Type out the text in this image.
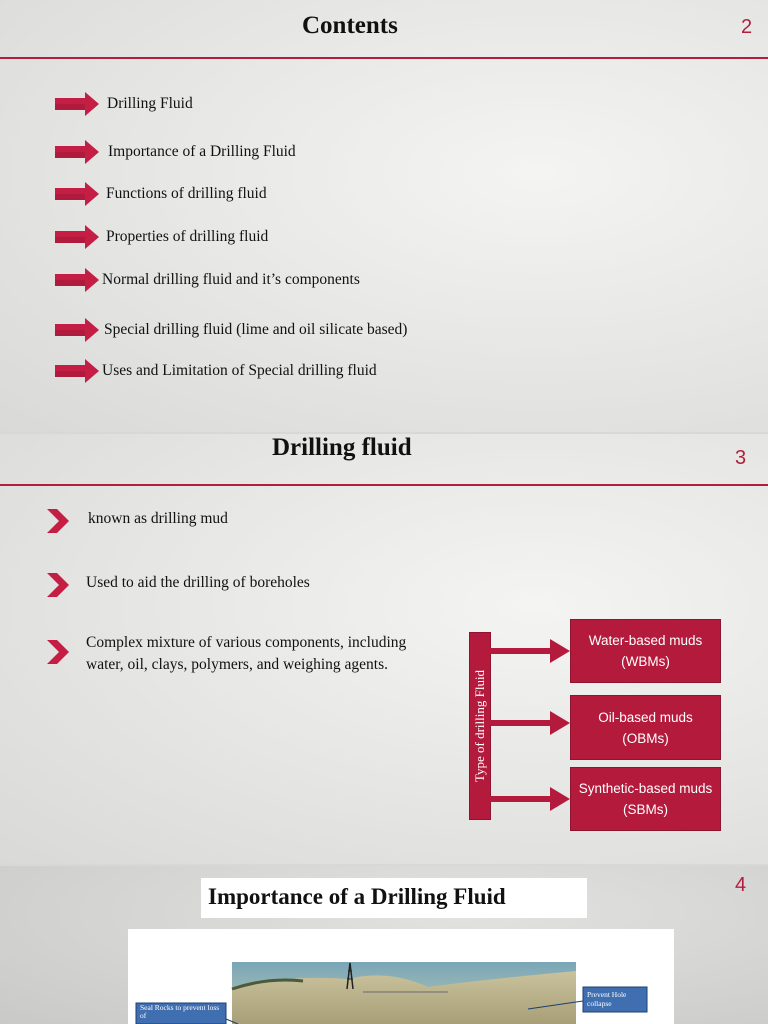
Contents	2
Drilling Fluid
Importance of a Drilling Fluid
Functions of drilling fluid
Properties of drilling fluid
Normal drilling fluid and it’s components
Special drilling fluid (lime and oil silicate based)
Uses and Limitation of Special drilling fluid
Drilling fluid	3
known as drilling mud
Used to aid the drilling of boreholes
Complex mixture of various components, including water, oil, clays, polymers, and weighing agents.
Type of drilling Fluid
Water-based muds
(WBMs)
Oil-based muds
(OBMs)
Synthetic-based muds
(SBMs)
Importance of a Drilling Fluid	4
Seal Rocks to prevent loss of
Prevent Hole collapse
